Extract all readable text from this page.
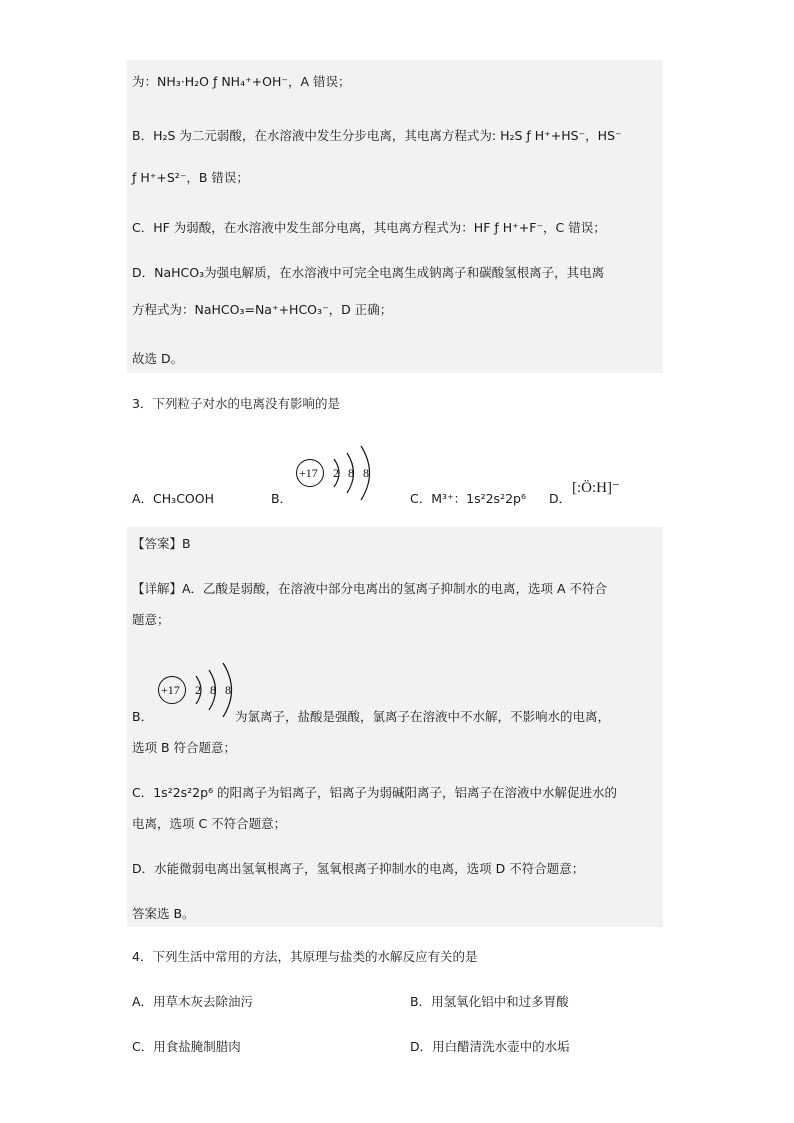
为：NH₃·H₂O ƒ NH₄⁺+OH⁻，A 错误；
B．H₂S 为二元弱酸，在水溶液中发生分步电离，其电离方程式为: H₂S ƒ H⁺+HS⁻，HS⁻
ƒ H⁺+S²⁻，B 错误；
C．HF 为弱酸，在水溶液中发生部分电离，其电离方程式为：HF ƒ H⁺+F⁻，C 错误；
D．NaHCO₃为强电解质，在水溶液中可完全电离生成钠离子和碳酸氢根离子，其电离
方程式为：NaHCO₃=Na⁺+HCO₃⁻，D 正确；
故选 D。
3．下列粒子对水的电离没有影响的是
A．CH₃COOH	B．
+17 2 8 8
C．M³⁺：1s²2s²2p⁶ D．
[:Ö:H]⁻
【答案】B
【详解】A．乙酸是弱酸，在溶液中部分电离出的氢离子抑制水的电离，选项 A 不符合
题意；
B．
+17 2 8 8
为氯离子，盐酸是强酸，氯离子在溶液中不水解，不影响水的电离，
选项 B 符合题意；
C．1s²2s²2p⁶ 的阳离子为铝离子，铝离子为弱碱阳离子，铝离子在溶液中水解促进水的
电离，选项 C 不符合题意；
D．水能微弱电离出氢氧根离子，氢氧根离子抑制水的电离，选项 D 不符合题意；
答案选 B。
4．下列生活中常用的方法，其原理与盐类的水解反应有关的是
A．用草木灰去除油污	B．用氢氧化铝中和过多胃酸
C．用食盐腌制腊肉	D．用白醋清洗水壶中的水垢
